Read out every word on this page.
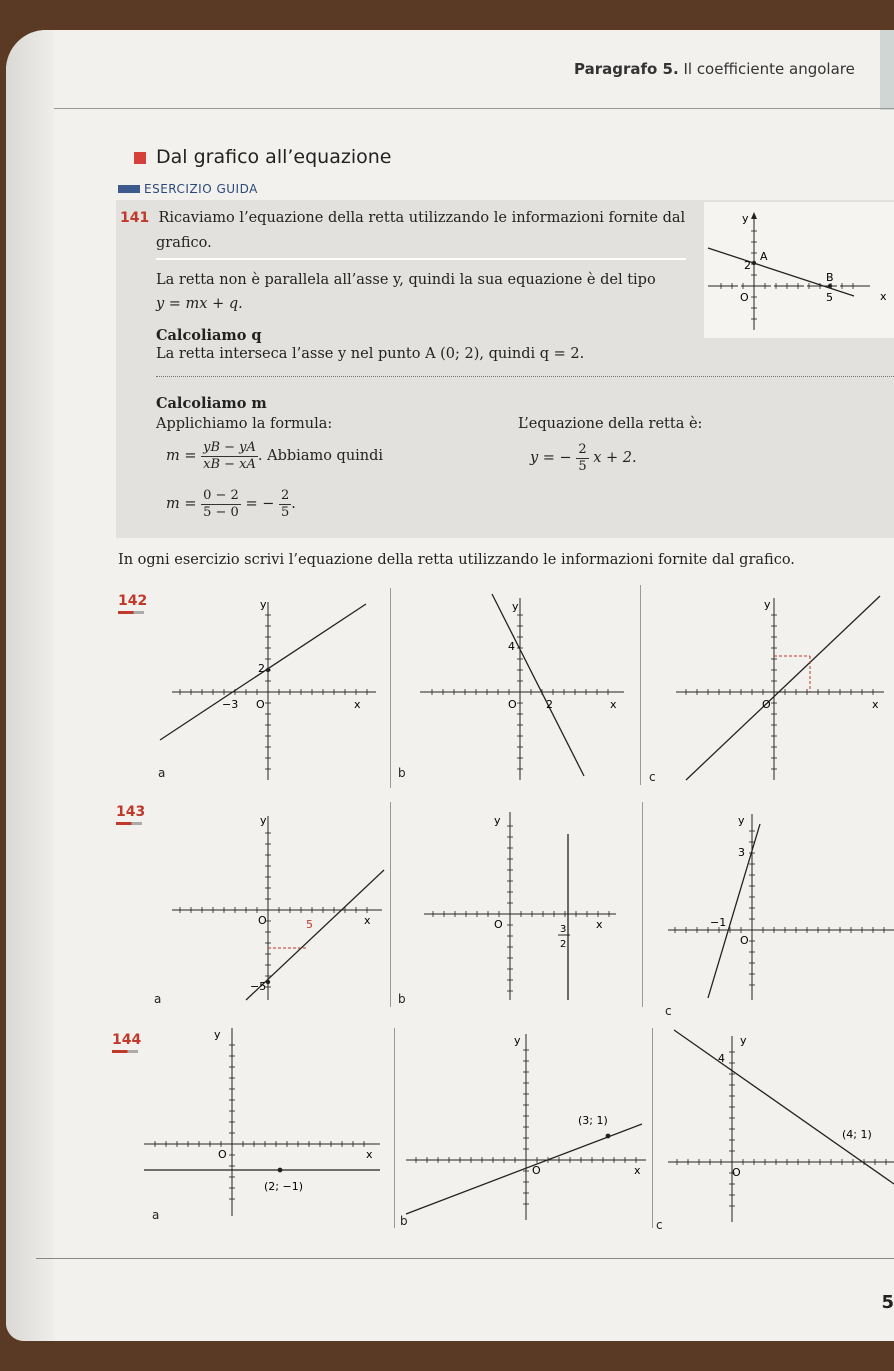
Paragrafo 5. Il coefficiente angolare
Dal grafico all’equazione
ESERCIZIO GUIDA
141 Ricaviamo l’equazione della retta utilizzando le informazioni fornite dal
grafico.
La retta non è parallela all’asse y, quindi la sua equazione è del tipo
y = mx + q.
Calcoliamo q
La retta interseca l’asse y nel punto A (0; 2), quindi q = 2.
Calcoliamo m
Applichiamo la formula:
$m = \frac{yB - yA}{xB - xA}$ . Abbiamo quindi
$m = \frac{0 - 2}{5 - 0}$ = − $\frac{2}{5}$ .
L’equazione della retta è:
y = − $\frac{2}{5}$ x + 2.
y
x
O
2
A
B
5
In ogni esercizio scrivi l’equazione della retta utilizzando le informazioni fornite dal grafico.
142
143
144
a	b	c
a	b
c
a	b	c
y
x
O
2
−3
y
x
O
4
2
y
x
O
y
x
O
−5
5
y
x
O	3
2
y
O
3
−1
y
x
O
(2; −1)
y
x
O
(3; 1)
y
O
4
(4; 1)
5
